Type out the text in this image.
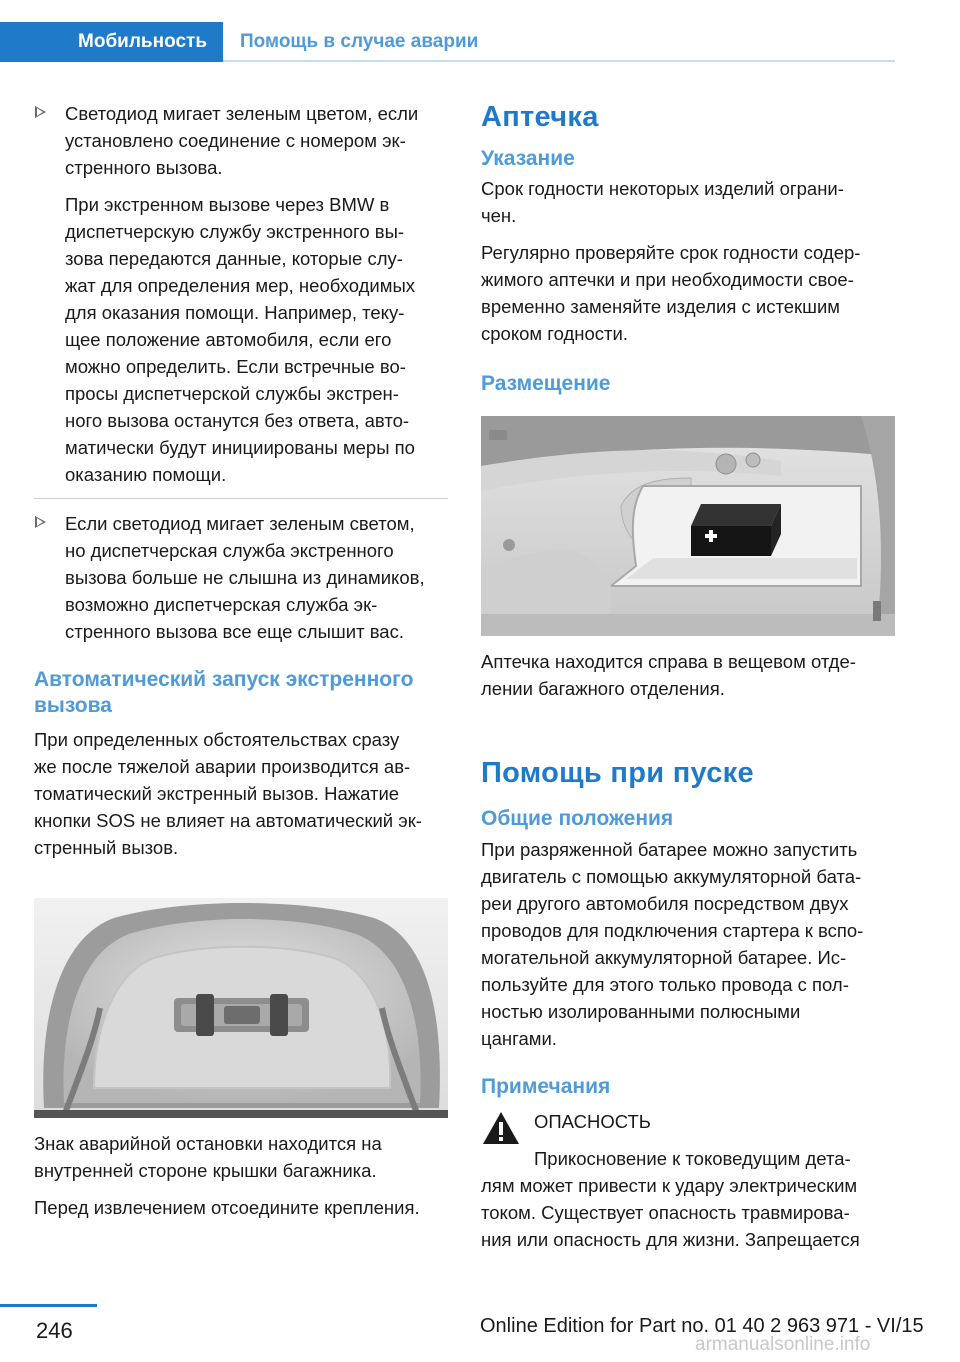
Мобильность	Помощь в случае аварии
Светодиод мигает зеленым цветом, если
установлено соединение с номером эк-
стренного вызова.
При экстренном вызове через BMW в
диспетчерскую службу экстренного вы-
зова передаются данные, которые слу-
жат для определения мер, необходимых
для оказания помощи. Например, теку-
щее положение автомобиля, если его
можно определить. Если встречные во-
просы диспетчерской службы экстрен-
ного вызова останутся без ответа, авто-
матически будут инициированы меры по
оказанию помощи.
Если светодиод мигает зеленым светом,
но диспетчерская служба экстренного
вызова больше не слышна из динамиков,
возможно диспетчерская служба эк-
стренного вызова все еще слышит вас.
Автоматический запуск экстренного
вызова
При определенных обстоятельствах сразу
же после тяжелой аварии производится ав-
томатический экстренный вызов. Нажатие
кнопки SOS не влияет на автоматический эк-
стренный вызов.
Знак аварийной остановки находится на
внутренней стороне крышки багажника.
Перед извлечением отсоедините крепления.
Аптечка
Указание
Срок годности некоторых изделий ограни-
чен.
Регулярно проверяйте срок годности содер-
жимого аптечки и при необходимости свое-
временно заменяйте изделия с истекшим
сроком годности.
Размещение
Аптечка находится справа в вещевом отде-
лении багажного отделения.
Помощь при пуске
Общие положения
При разряженной батарее можно запустить
двигатель с помощью аккумуляторной бата-
реи другого автомобиля посредством двух
проводов для подключения стартера к вспо-
могательной аккумуляторной батарее. Ис-
пользуйте для этого только провода с пол-
ностью изолированными полюсными
цангами.
Примечания
ОПАСНОСТЬ
Прикосновение к токоведущим дета-
лям может привести к удару электрическим
током. Существует опасность травмирова-
ния или опасность для жизни. Запрещается
246	Online Edition for Part no. 01 40 2 963 971 - VI/15
armanualsonline.info
